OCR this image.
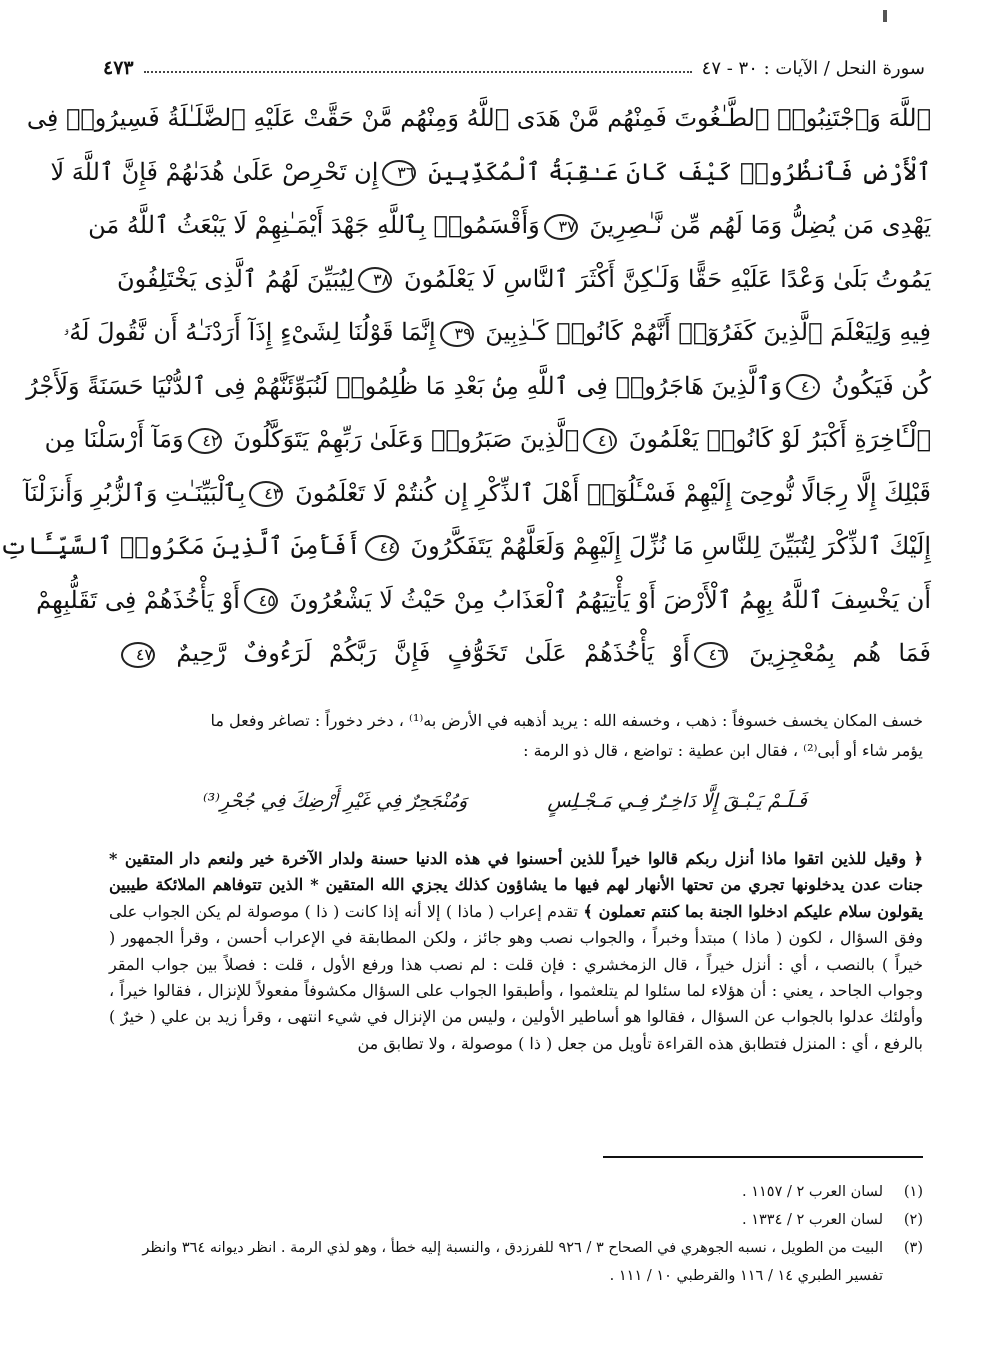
سورة النحل / الآيات : ٣٠ - ٤٧
٤٧٣
ٱللَّهَ وَٱجْتَنِبُوا۟ ٱلطَّـٰغُوتَ فَمِنْهُم مَّنْ هَدَى ٱللَّهُ وَمِنْهُم مَّنْ حَقَّتْ عَلَيْهِ ٱلضَّلَـٰلَةُ فَسِيرُوا۟ فِى
ٱلْأَرْضِ فَٱنظُرُوا۟ كَيْفَ كَانَ عَـٰقِبَةُ ٱلْمُكَذِّبِينَ ٣٦إِن تَحْرِصْ عَلَىٰ هُدَىٰهُمْ فَإِنَّ ٱللَّهَ لَا
يَهْدِى مَن يُضِلُّ وَمَا لَهُم مِّن نَّـٰصِرِينَ ٣٧وَأَقْسَمُوا۟ بِٱللَّهِ جَهْدَ أَيْمَـٰنِهِمْ لَا يَبْعَثُ ٱللَّهُ مَن
يَمُوتُ بَلَىٰ وَعْدًا عَلَيْهِ حَقًّا وَلَـٰكِنَّ أَكْثَرَ ٱلنَّاسِ لَا يَعْلَمُونَ ٣٨لِيُبَيِّنَ لَهُمُ ٱلَّذِى يَخْتَلِفُونَ
فِيهِ وَلِيَعْلَمَ ٱلَّذِينَ كَفَرُوٓا۟ أَنَّهُمْ كَانُوا۟ كَـٰذِبِينَ ٣٩إِنَّمَا قَوْلُنَا لِشَىْءٍ إِذَآ أَرَدْنَـٰهُ أَن نَّقُولَ لَهُۥ
كُن فَيَكُونُ ٤٠وَٱلَّذِينَ هَاجَرُوا۟ فِى ٱللَّهِ مِنۢ بَعْدِ مَا ظُلِمُوا۟ لَنُبَوِّئَنَّهُمْ فِى ٱلدُّنْيَا حَسَنَةً وَلَأَجْرُ
ٱلْـَٔاخِرَةِ أَكْبَرُ لَوْ كَانُوا۟ يَعْلَمُونَ ٤١ٱلَّذِينَ صَبَرُوا۟ وَعَلَىٰ رَبِّهِمْ يَتَوَكَّلُونَ ٤٢وَمَآ أَرْسَلْنَا مِن
قَبْلِكَ إِلَّا رِجَالًا نُّوحِىٓ إِلَيْهِمْ فَسْـَٔلُوٓا۟ أَهْلَ ٱلذِّكْرِ إِن كُنتُمْ لَا تَعْلَمُونَ ٤٣بِٱلْبَيِّنَـٰتِ وَٱلزُّبُرِ وَأَنزَلْنَآ
إِلَيْكَ ٱلذِّكْرَ لِتُبَيِّنَ لِلنَّاسِ مَا نُزِّلَ إِلَيْهِمْ وَلَعَلَّهُمْ يَتَفَكَّرُونَ ٤٤أَفَأَمِنَ ٱلَّذِينَ مَكَرُوا۟ ٱلسَّيِّـَٔاتِ
أَن يَخْسِفَ ٱللَّهُ بِهِمُ ٱلْأَرْضَ أَوْ يَأْتِيَهُمُ ٱلْعَذَابُ مِنْ حَيْثُ لَا يَشْعُرُونَ ٤٥أَوْ يَأْخُذَهُمْ فِى تَقَلُّبِهِمْ
فَمَا هُم بِمُعْجِزِينَ ٤٦أَوْ يَأْخُذَهُمْ عَلَىٰ تَخَوُّفٍ فَإِنَّ رَبَّكُمْ لَرَءُوفٌ رَّحِيمٌ ٤٧

خسف المكان يخسف خسوفاً : ذهب ، وخسفه الله : يريد أذهبه في الأرض به⁽¹⁾ ، دخر دخوراً : تصاغر وفعل ما

يؤمر شاء أو أبى⁽²⁾ ، فقال ابن عطية : تواضع ، قال ذو الرمة :

فَـلَـمْ يَـبْـقَ إِلَّا دَاخِـرٌ فِـي مَـجْـلِسٍ
وَمُنْجَحِرٌ فِي غَيْرِ أَرْضِكَ فِي جُحْرِ⁽³⁾
﴿ وقيل للذين اتقوا ماذا أنزل ربكم قالوا خيراً للذين أحسنوا في هذه الدنيا حسنة ولدار الآخرة خير ولنعم دار المتقين * جنات عدن يدخلونها تجري من تحتها الأنهار لهم فيها ما يشاؤون كذلك يجزي الله المتقين * الذين تتوفاهم الملائكة طيبين يقولون سلام عليكم ادخلوا الجنة بما كنتم تعملون ﴾ تقدم إعراب ( ماذا ) إلا أنه إذا كانت ( ذا ) موصولة لم يكن الجواب على وفق السؤال ، لكون ( ماذا ) مبتدأ وخبراً ، والجواب نصب وهو جائز ، ولكن المطابقة في الإعراب أحسن ، وقرأ الجمهور ( خيراً ) بالنصب ، أي : أنزل خيراً ، قال الزمخشري : فإن قلت : لم نصب هذا ورفع الأول ، قلت : فصلاً بين جواب المقر وجواب الجاحد ، يعني : أن هؤلاء لما سئلوا لم يتلعثموا ، وأطبقوا الجواب على السؤال مكشوفاً مفعولاً للإنزال ، فقالوا خيراً ، وأولئك عدلوا بالجواب عن السؤال ، فقالوا هو أساطير الأولين ، وليس من الإنزال في شيء انتهى ، وقرأ زيد بن علي ( خيرٌ ) بالرفع ، أي : المنزل فتطابق هذه القراءة تأويل من جعل ( ذا ) موصولة ، ولا تطابق من
(١)
لسان العرب ٢ / ١١٥٧ .
(٢)
لسان العرب ٢ / ١٣٣٤ .
(٣)
البيت من الطويل ، نسبه الجوهري في الصحاح ٣ / ٩٢٦ للفرزدق ، والنسبة إليه خطأ ، وهو لذي الرمة . انظر ديوانه ٣٦٤ وانظر تفسير الطبري ١٤ / ١١٦ والقرطبي ١٠ / ١١١ .
